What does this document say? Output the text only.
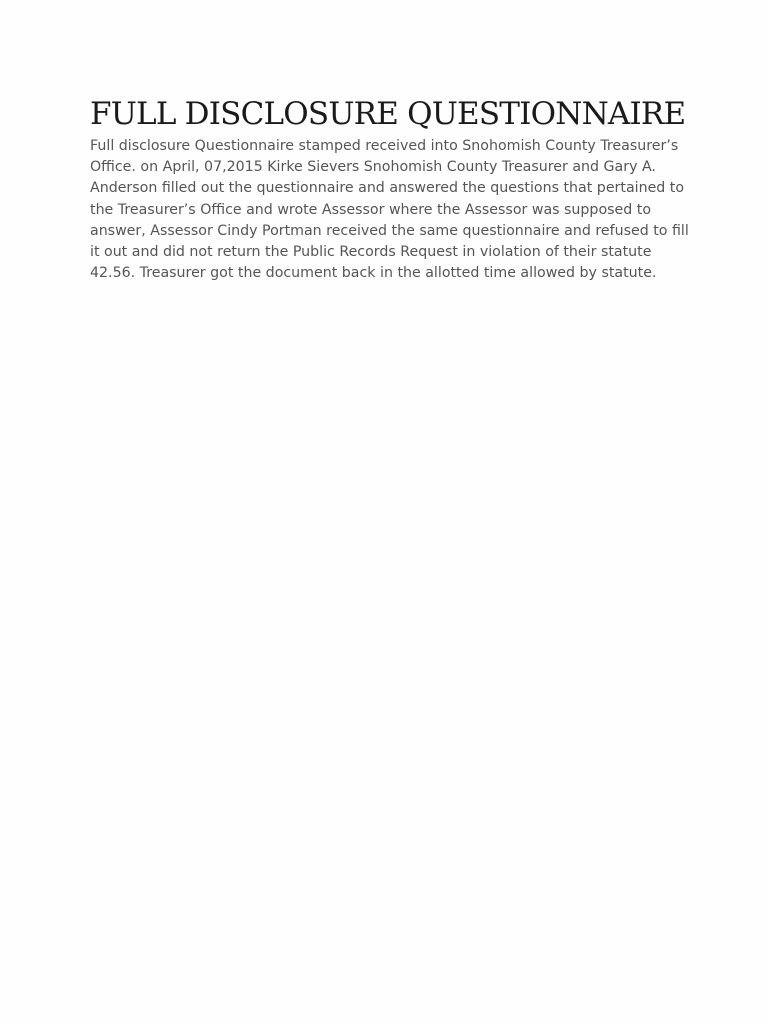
FULL DISCLOSURE QUESTIONNAIRE

Full disclosure Questionnaire stamped received into Snohomish County Treasurer’s Office. on April, 07,2015 Kirke Sievers Snohomish County Treasurer and Gary A. Anderson filled out the questionnaire and answered the questions that pertained to the Treasurer’s Office and wrote Assessor where the Assessor was supposed to answer, Assessor Cindy Portman received the same questionnaire and refused to fill it out and did not return the Public Records Request in violation of their statute 42.56. Treasurer got the document back in the allotted time allowed by statute.
